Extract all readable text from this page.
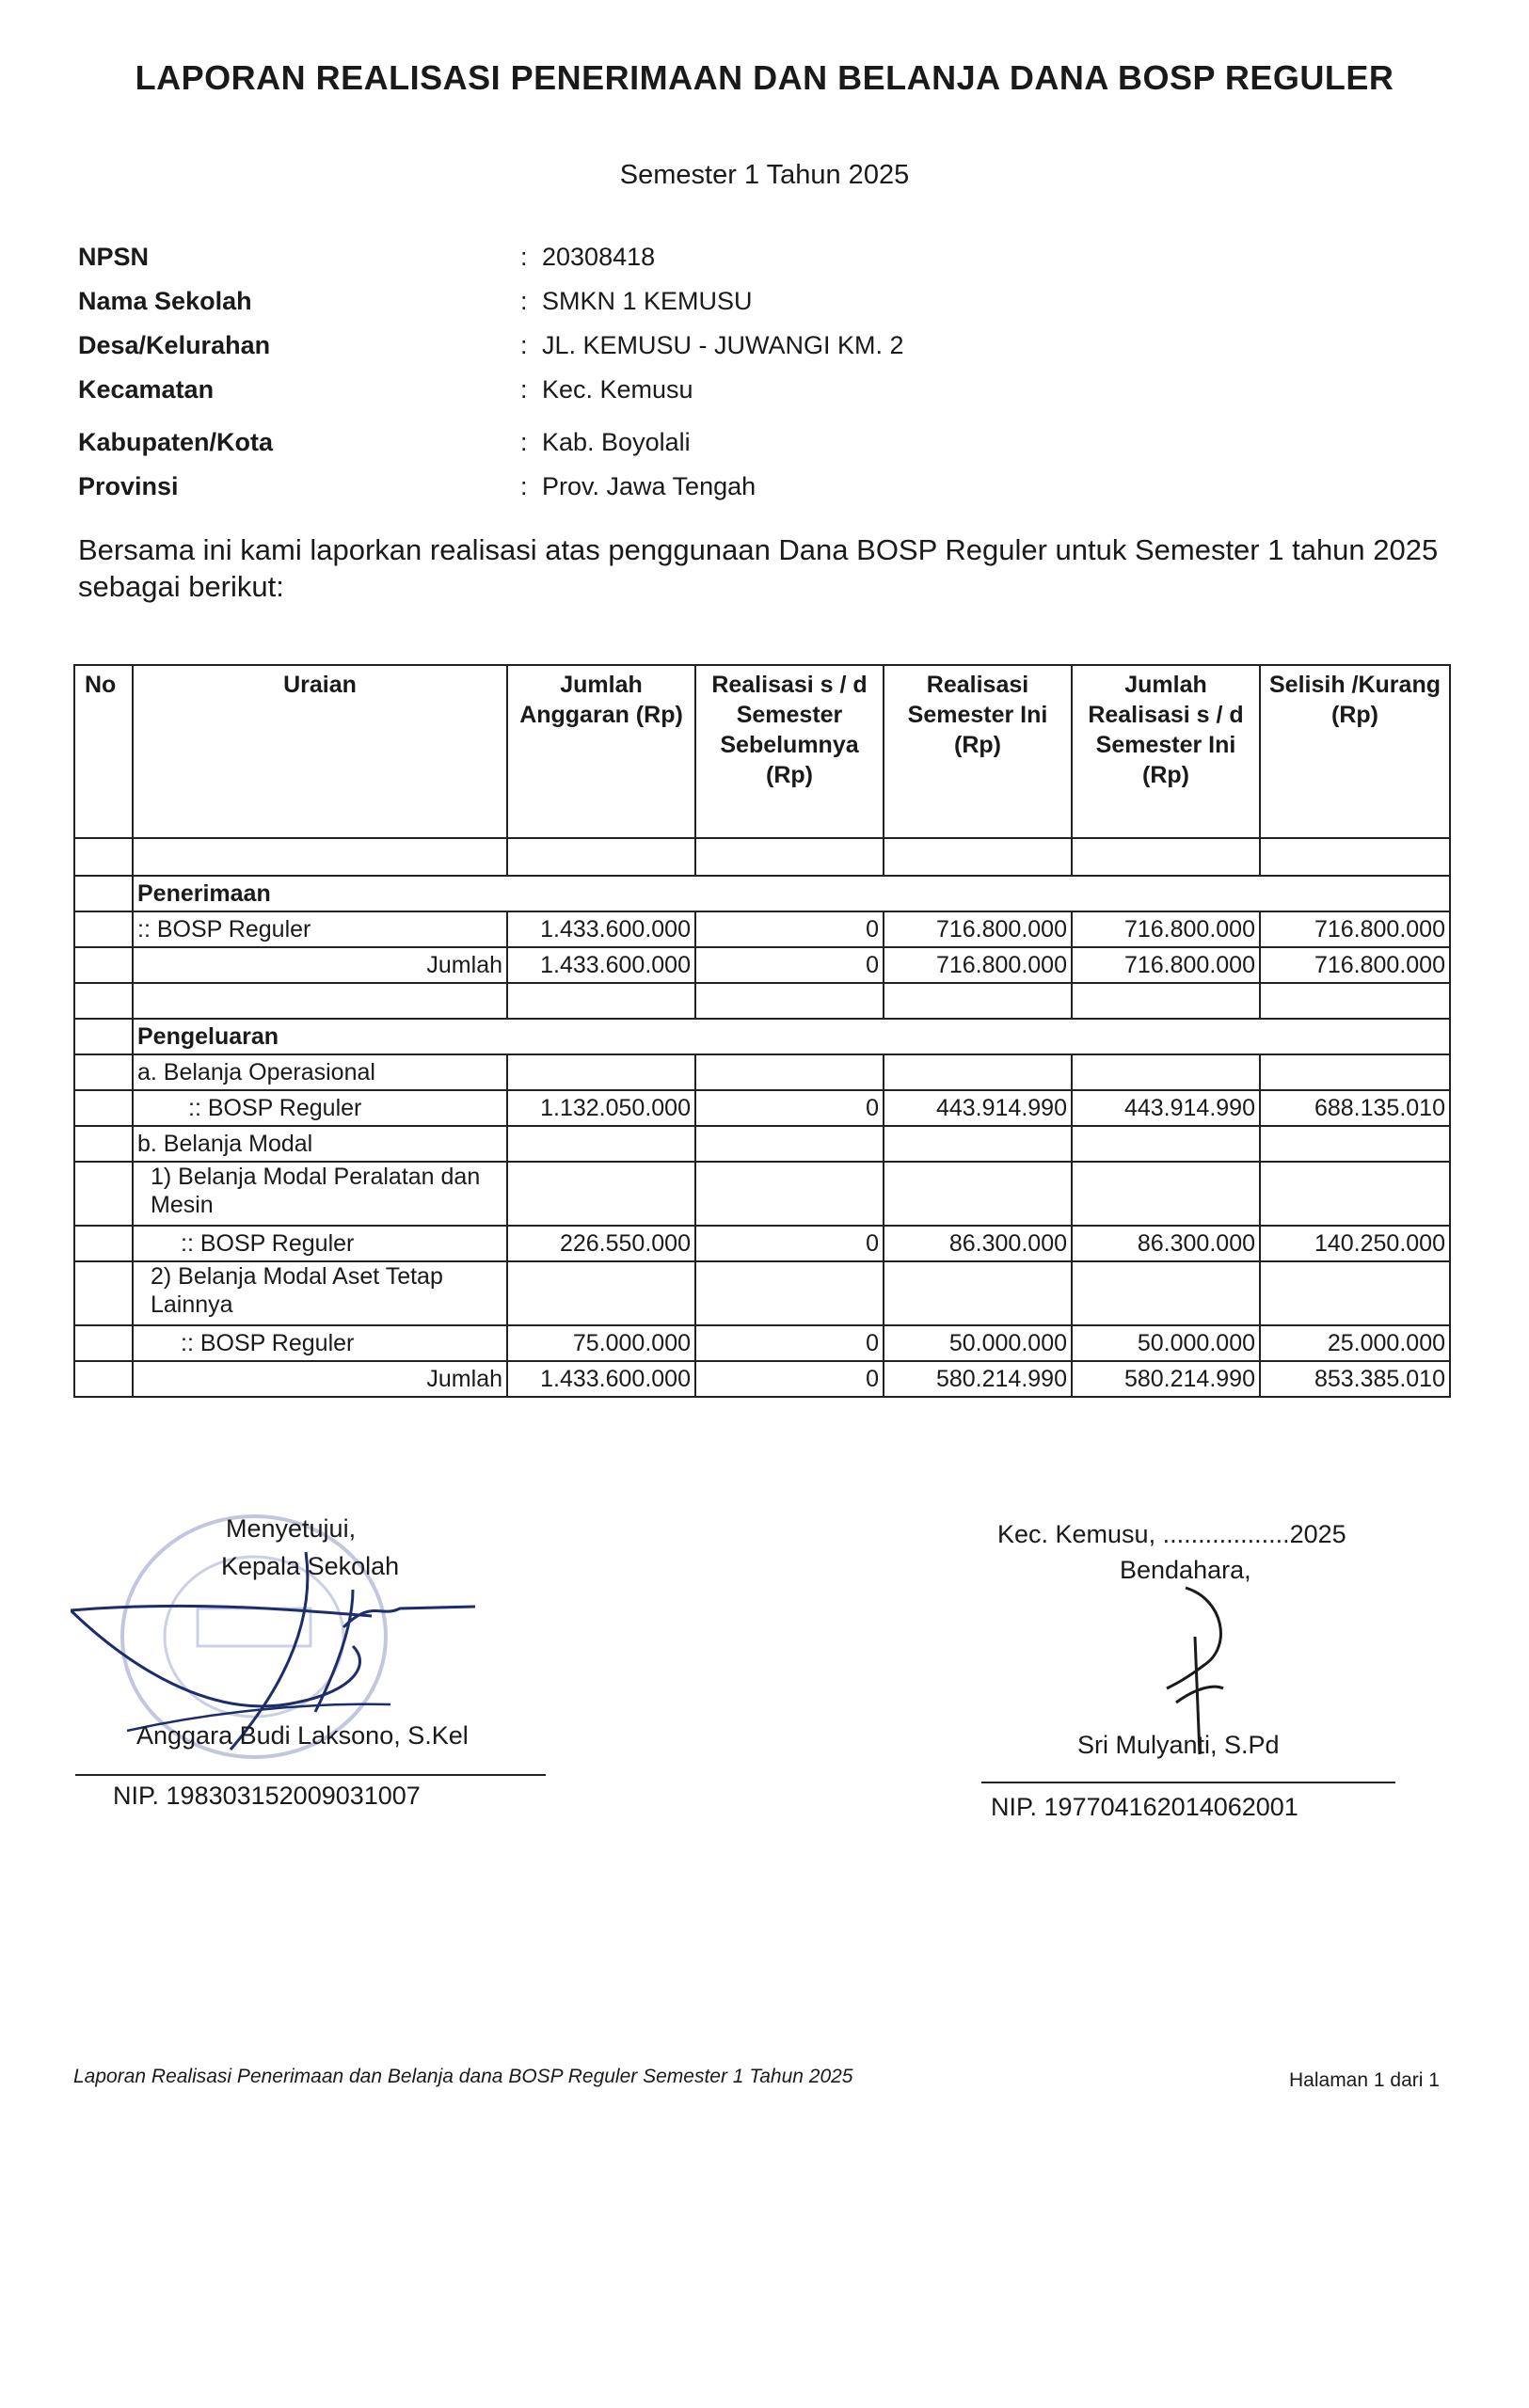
LAPORAN REALISASI PENERIMAAN DAN BELANJA DANA BOSP REGULER
Semester 1 Tahun 2025
NPSN	: 20308418
Nama Sekolah	: SMKN 1 KEMUSU
Desa/Kelurahan	: JL. KEMUSU - JUWANGI KM. 2
Kecamatan	: Kec. Kemusu
Kabupaten/Kota	: Kab. Boyolali
Provinsi	: Prov. Jawa Tengah
Bersama ini kami laporkan realisasi atas penggunaan Dana BOSP Reguler untuk Semester 1 tahun 2025 sebagai berikut:
No	Uraian	Jumlah Anggaran (Rp)	Realisasi s / d Semester Sebelumnya (Rp)	Realisasi Semester Ini (Rp)	Jumlah Realisasi s / d Semester Ini (Rp)	Selisih /Kurang (Rp)

	Penerimaan					
	:: BOSP Reguler	1.433.600.000	0	716.800.000	716.800.000	716.800.000
	Jumlah	1.433.600.000	0	716.800.000	716.800.000	716.800.000

	Pengeluaran					
	a. Belanja Operasional					
	:: BOSP Reguler	1.132.050.000	0	443.914.990	443.914.990	688.135.010
	b. Belanja Modal					
	1) Belanja Modal Peralatan dan Mesin					
	:: BOSP Reguler	226.550.000	0	86.300.000	86.300.000	140.250.000
	2) Belanja Modal Aset Tetap Lainnya					
	:: BOSP Reguler	75.000.000	0	50.000.000	50.000.000	25.000.000
	Jumlah	1.433.600.000	0	580.214.990	580.214.990	853.385.010
Menyetujui,
Kepala Sekolah
Anggara Budi Laksono, S.Kel
NIP. 198303152009031007
Kec. Kemusu, ..................2025
Bendahara,
Sri Mulyanti, S.Pd
NIP. 197704162014062001
Laporan Realisasi Penerimaan dan Belanja dana BOSP Reguler Semester 1 Tahun 2025	Halaman 1 dari 1
